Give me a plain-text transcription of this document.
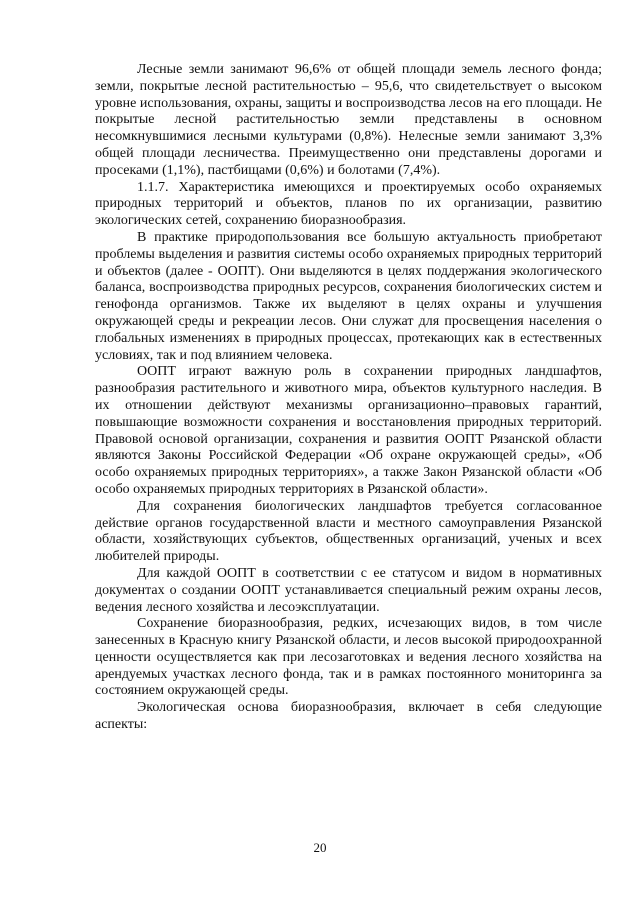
Лесные земли занимают 96,6% от общей площади земель лесного фонда; земли, покрытые лесной растительностью – 95,6, что свидетельствует о высоком уровне использования, охраны, защиты и воспроизводства лесов на его площади. Не покрытые лесной растительностью земли представлены в основном несомкнувшимися лесными культурами (0,8%). Нелесные земли занимают 3,3% общей площади лесничества. Преимущественно они представлены дорогами и просеками (1,1%), пастбищами (0,6%) и болотами (7,4%).

1.1.7. Характеристика имеющихся и проектируемых особо охраняемых природных территорий и объектов, планов по их организации, развитию экологических сетей, сохранению биоразнообразия.

В практике природопользования все большую актуальность приобретают проблемы выделения и развития системы особо охраняемых природных территорий и объектов (далее - ООПТ). Они выделяются в целях поддержания экологического баланса, воспроизводства природных ресурсов, сохранения биологических систем и генофонда организмов. Также их выделяют в целях охраны и улучшения окружающей среды и рекреации лесов. Они служат для просвещения населения о глобальных изменениях в природных процессах, протекающих как в естественных условиях, так и под влиянием человека.

ООПТ играют важную роль в сохранении природных ландшафтов, разнообразия растительного и животного мира, объектов культурного наследия. В их отношении действуют механизмы организационно–правовых гарантий, повышающие возможности сохранения и восстановления природных территорий. Правовой основой организации, сохранения и развития ООПТ Рязанской области являются Законы Российской Федерации «Об охране окружающей среды», «Об особо охраняемых природных территориях», а также Закон Рязанской области «Об особо охраняемых природных территориях в Рязанской области».

Для сохранения биологических ландшафтов требуется согласованное действие органов государственной власти и местного самоуправления Рязанской области, хозяйствующих субъектов, общественных организаций, ученых и всех любителей природы.

Для каждой ООПТ в соответствии с ее статусом и видом в нормативных документах о создании ООПТ устанавливается специальный режим охраны лесов, ведения лесного хозяйства и лесоэксплуатации.

Сохранение биоразнообразия, редких, исчезающих видов, в том числе занесенных в Красную книгу Рязанской области, и лесов высокой природоохранной ценности осуществляется как при лесозаготовках и ведения лесного хозяйства на арендуемых участках лесного фонда, так и в рамках постоянного мониторинга за состоянием окружающей среды.

Экологическая основа биоразнообразия, включает в себя следующие аспекты:

20
